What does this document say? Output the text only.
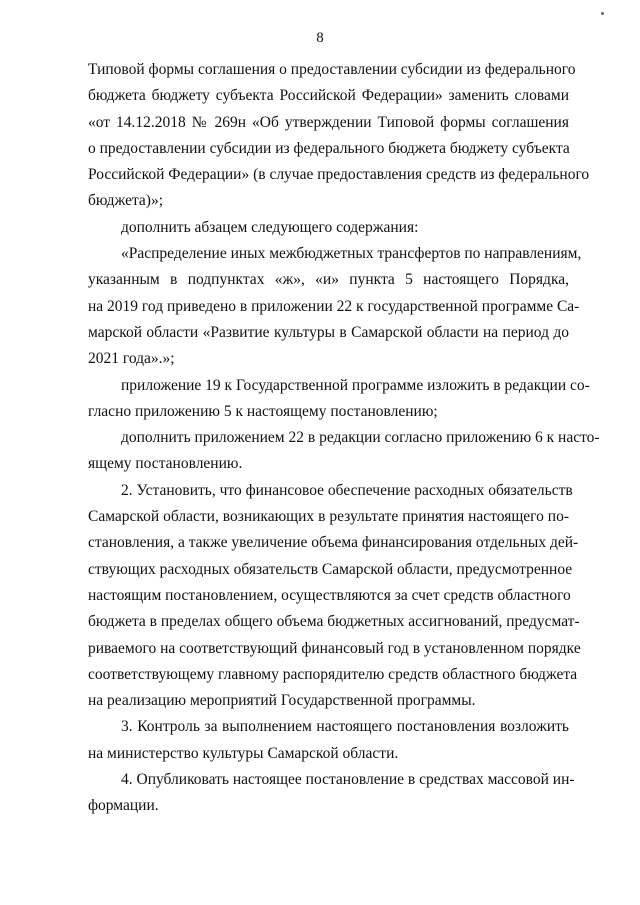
8

Типовой формы соглашения о предоставлении субсидии из федерального
бюджета бюджету субъекта Российской Федерации» заменить словами
«от 14.12.2018 № 269н «Об утверждении Типовой формы соглашения
о предоставлении субсидии из федерального бюджета бюджету субъекта
Российской Федерации» (в случае предоставления средств из федерального
бюджета)»;

дополнить абзацем следующего содержания:

«Распределение иных межбюджетных трансфертов по направлениям,
указанным в подпунктах «ж», «и» пункта 5 настоящего Порядка,
на 2019 год приведено в приложении 22 к государственной программе Са-
марской области «Развитие культуры в Самарской области на период до
2021 года».»;

приложение 19 к Государственной программе изложить в редакции со-
гласно приложению 5 к настоящему постановлению;

дополнить приложением 22 в редакции согласно приложению 6 к насто-
ящему постановлению.

2. Установить, что финансовое обеспечение расходных обязательств
Самарской области, возникающих в результате принятия настоящего по-
становления, а также увеличение объема финансирования отдельных дей-
ствующих расходных обязательств Самарской области, предусмотренное
настоящим постановлением, осуществляются за счет средств областного
бюджета в пределах общего объема бюджетных ассигнований, предусмат-
риваемого на соответствующий финансовый год в установленном порядке
соответствующему главному распорядителю средств областного бюджета
на реализацию мероприятий Государственной программы.

3. Контроль за выполнением настоящего постановления возложить
на министерство культуры Самарской области.

4. Опубликовать настоящее постановление в средствах массовой ин-
формации.
